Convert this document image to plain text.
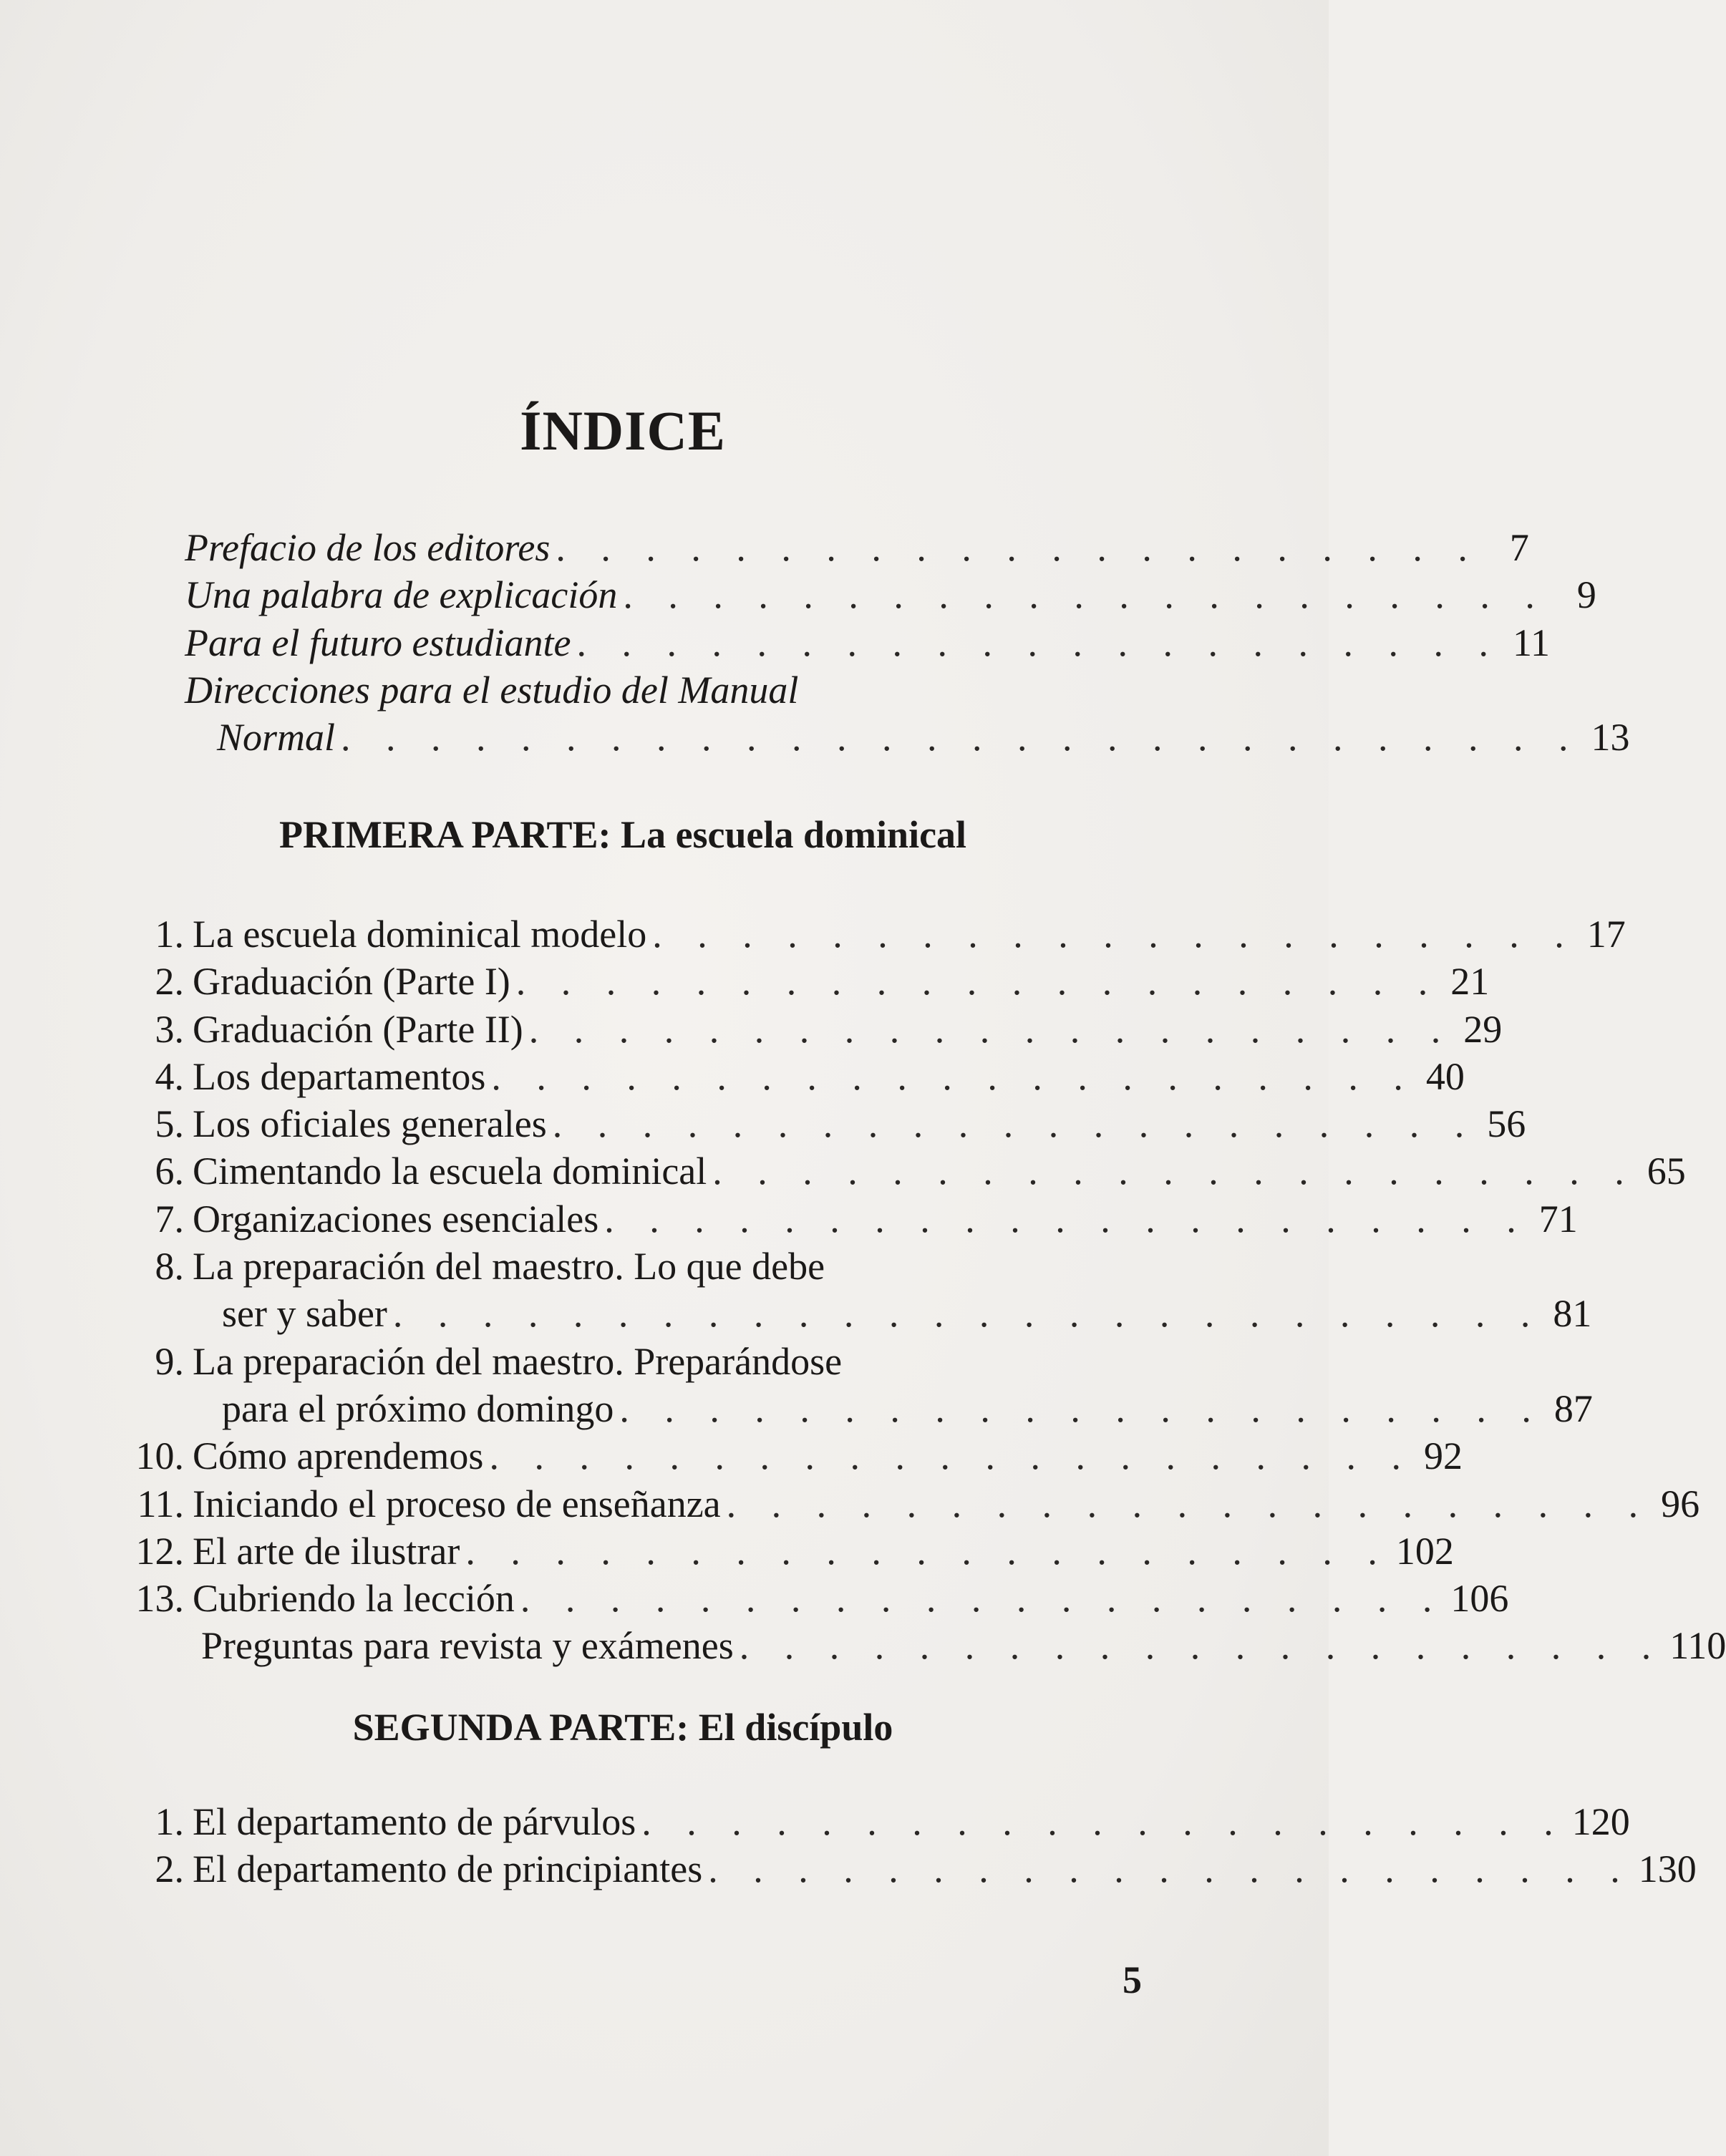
ÍNDICE
Prefacio de los editores . . . . . . . . . . . . . . . . . . . . . 7
Una palabra de explicación . . . . . . . . . . . . . . . . . . . . . 9
Para el futuro estudiante . . . . . . . . . . . . . . . . . . . . . 11
Direcciones para el estudio del Manual
Normal . . . . . . . . . . . . . . . . . . . . . . . . . . . . 13
PRIMERA PARTE: La escuela dominical
1. La escuela dominical modelo . . . . . . . . . . . . . . . . . . . . . 17
2. Graduación (Parte I) . . . . . . . . . . . . . . . . . . . . . 21
3. Graduación (Parte II) . . . . . . . . . . . . . . . . . . . . . 29
4. Los departamentos . . . . . . . . . . . . . . . . . . . . . 40
5. Los oficiales generales . . . . . . . . . . . . . . . . . . . . . 56
6. Cimentando la escuela dominical . . . . . . . . . . . . . . . . . . . . . 65
7. Organizaciones esenciales . . . . . . . . . . . . . . . . . . . . . 71
8. La preparación del maestro. Lo que debe
ser y saber . . . . . . . . . . . . . . . . . . . . . . . . . . 81
9. La preparación del maestro. Preparándose
para el próximo domingo . . . . . . . . . . . . . . . . . . . . . 87
10. Cómo aprendemos . . . . . . . . . . . . . . . . . . . . . 92
11. Iniciando el proceso de enseñanza . . . . . . . . . . . . . . . . . . . . . 96
12. El arte de ilustrar . . . . . . . . . . . . . . . . . . . . . 102
13. Cubriendo la lección . . . . . . . . . . . . . . . . . . . . . 106
Preguntas para revista y exámenes . . . . . . . . . . . . . . . . . . . . . 110
SEGUNDA PARTE: El discípulo
1. El departamento de párvulos . . . . . . . . . . . . . . . . . . . . . 120
2. El departamento de principiantes . . . . . . . . . . . . . . . . . . . . . 130
5
